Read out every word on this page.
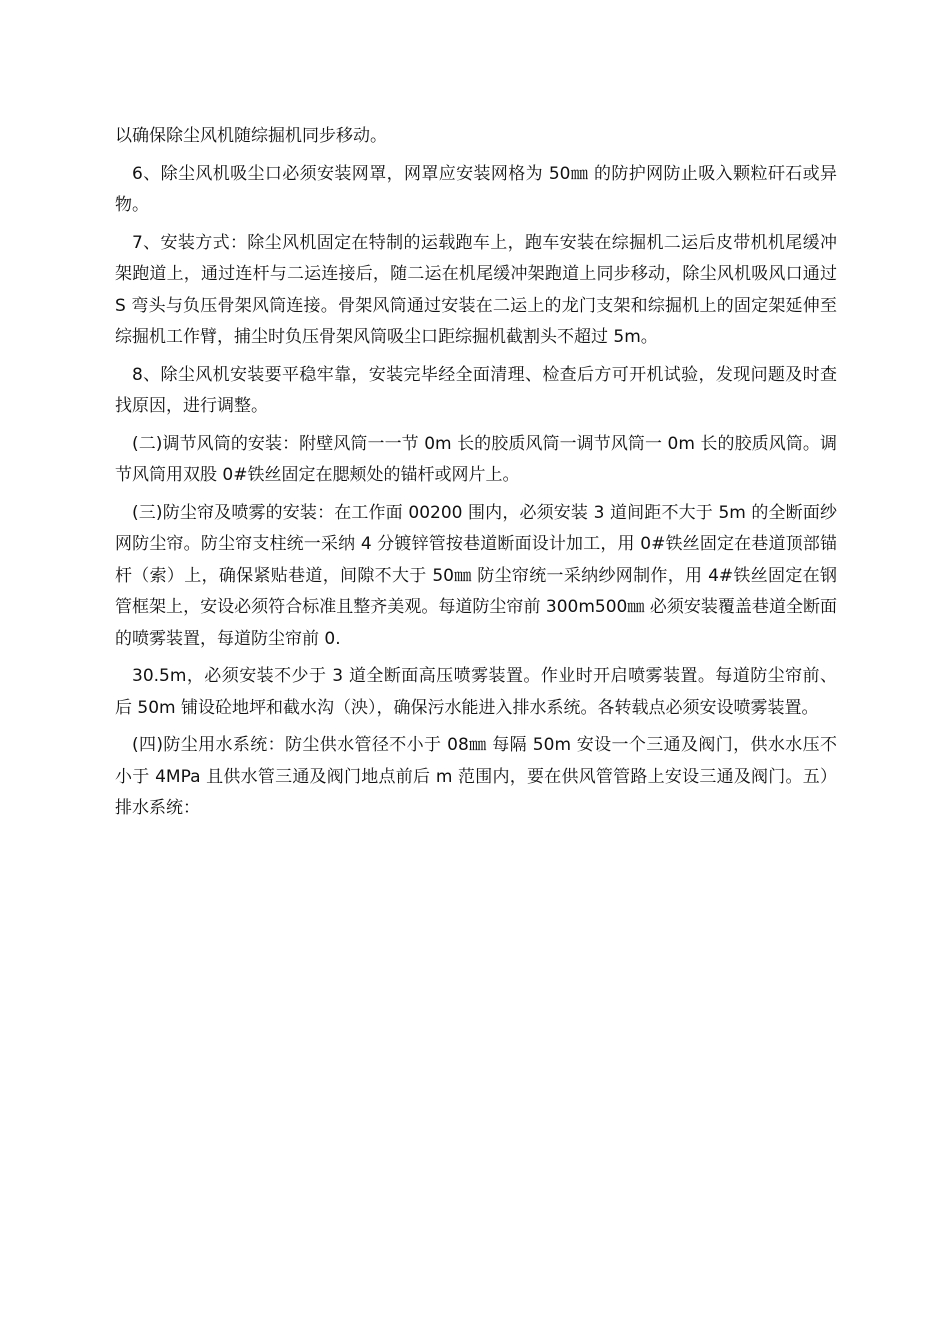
以确保除尘风机随综掘机同步移动。

6、除尘风机吸尘口必须安装网罩，网罩应安装网格为 50㎜ 的防护网防止吸入颗粒矸石或异物。

7、安装方式：除尘风机固定在特制的运载跑车上，跑车安装在综掘机二运后皮带机机尾缓冲架跑道上，通过连杆与二运连接后，随二运在机尾缓冲架跑道上同步移动，除尘风机吸风口通过 S 弯头与负压骨架风筒连接。骨架风筒通过安装在二运上的龙门支架和综掘机上的固定架延伸至综掘机工作臂，捕尘时负压骨架风筒吸尘口距综掘机截割头不超过 5m。

8、除尘风机安装要平稳牢靠，安装完毕经全面清理、检查后方可开机试验，发现问题及时查找原因，进行调整。

(二)调节风筒的安装：附壁风筒一一节 0m 长的胶质风筒一调节风筒一 0m 长的胶质风筒。调节风筒用双股 0#铁丝固定在腮颊处的锚杆或网片上。

(三)防尘帘及喷雾的安装：在工作面 00200 围内，必须安装 3 道间距不大于 5m 的全断面纱网防尘帘。防尘帘支柱统一采纳 4 分镀锌管按巷道断面设计加工，用 0#铁丝固定在巷道顶部锚杆（索）上，确保紧贴巷道，间隙不大于 50㎜ 防尘帘统一采纳纱网制作，用 4#铁丝固定在钢管框架上，安设必须符合标准且整齐美观。每道防尘帘前 300m500㎜ 必须安装覆盖巷道全断面的喷雾装置，每道防尘帘前 0.

30.5m，必须安装不少于 3 道全断面高压喷雾装置。作业时开启喷雾装置。每道防尘帘前、后 50m 铺设砼地坪和截水沟（泱），确保污水能进入排水系统。各转载点必须安设喷雾装置。

(四)防尘用水系统：防尘供水管径不小于 08㎜ 每隔 50m 安设一个三通及阀门，供水水压不小于 4MPa 且供水管三通及阀门地点前后 m 范围内，要在供风管管路上安设三通及阀门。五）排水系统：
